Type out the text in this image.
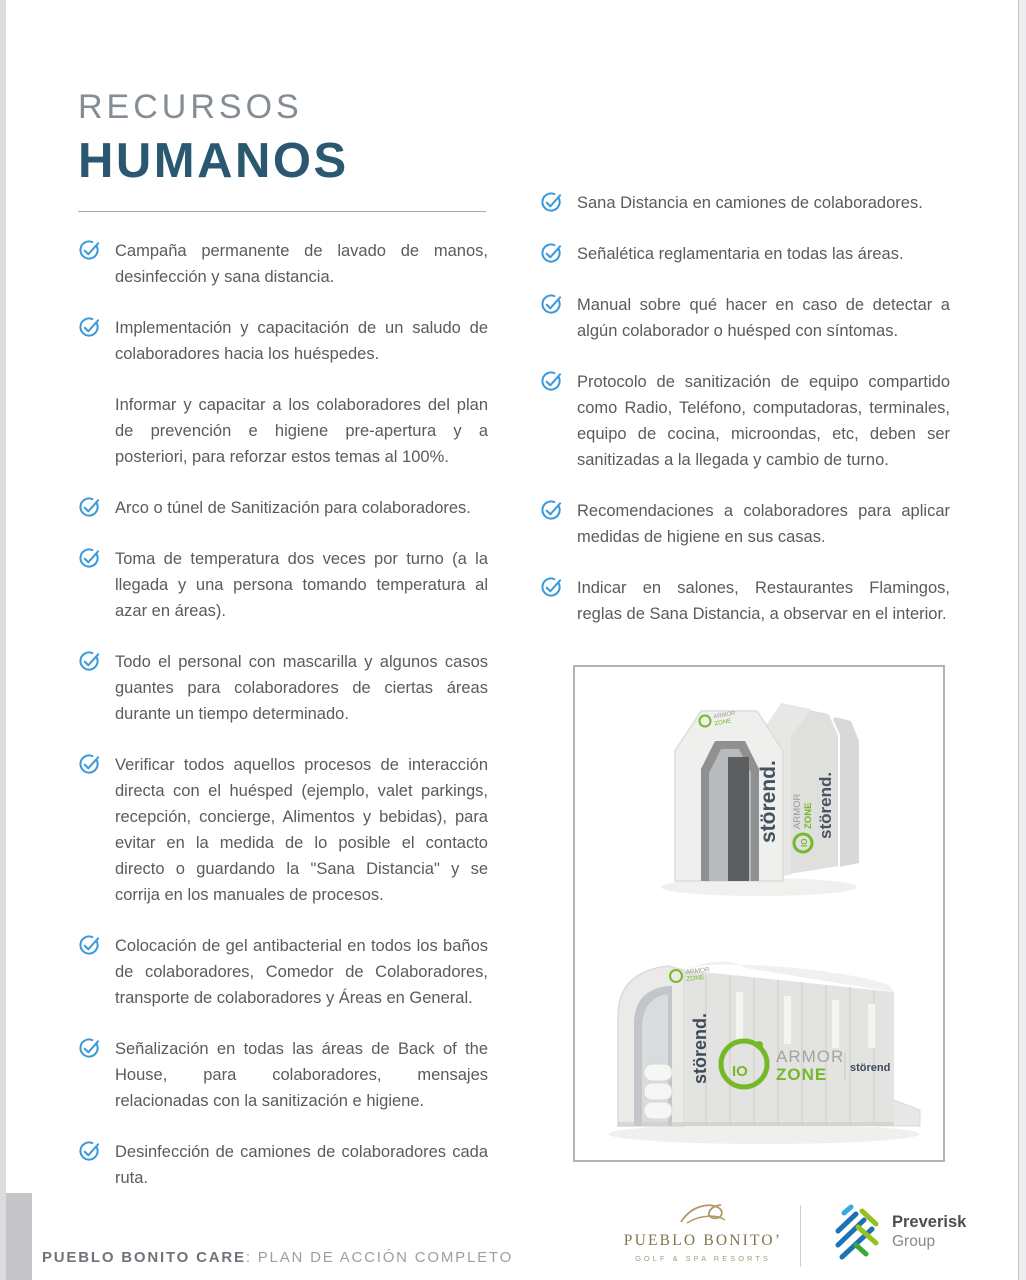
RECURSOS

HUMANOS

Campaña permanente de lavado de manos, desinfección y sana distancia.

Implementación y capacitación de un saludo de colaboradores hacia los huéspedes.

Informar y capacitar a los colaboradores del plan de prevención e higiene pre-apertura y a posteriori, para reforzar estos temas al 100%.

Arco o túnel de Sanitización para colaboradores.

Toma de temperatura dos veces por turno (a la llegada y una persona tomando temperatura al azar en áreas).

Todo el personal con mascarilla y algunos casos guantes para colaboradores de ciertas áreas durante un tiempo determinado.

Verificar todos aquellos procesos de interacción directa con el huésped (ejemplo, valet parkings, recepción, concierge, Alimentos y bebidas), para evitar en la medida de lo posible el contacto directo o guardando la "Sana Distancia" y se corrija en los manuales de procesos.

Colocación de gel antibacterial en todos los baños de colaboradores, Comedor de Colaboradores, transporte de colaboradores y Áreas en General.

Señalización en todas las áreas de Back of the House, para colaboradores, mensajes relacionadas con la sanitización e higiene.

Desinfección de camiones de colaboradores cada ruta.

Sana Distancia en camiones de colaboradores.

Señalética reglamentaria en todas las áreas.

Manual sobre qué hacer en caso de detectar a algún colaborador o huésped con síntomas.

Protocolo de sanitización de equipo compartido como Radio, Teléfono, computadoras, terminales, equipo de cocina, microondas, etc, deben ser sanitizadas a la llegada y cambio de turno.

Recomendaciones a colaboradores para aplicar medidas de higiene en sus casas.

Indicar en salones, Restaurantes Flamingos, reglas de Sana Distancia, a observar en el interior.

ARMOR
ZONE
störend.	IO
ARMOR ZONE störend.
ARMOR
ZONE
störend. IO
ARMOR
ZONE störend

PUEBLO BONITO CARE: PLAN DE ACCIÓN COMPLETO

PUEBLO BONITO’
GOLF & SPA RESORTS
Preverisk
Group
